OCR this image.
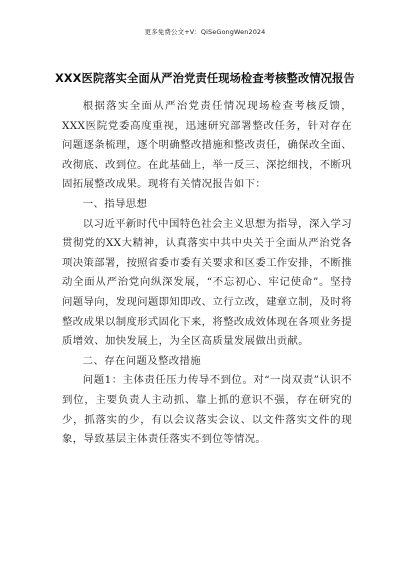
更多免费公文+V：QiSeGongWen2024
XXX医院落实全面从严治党责任现场检查考核整改情况报告

根据落实全面从严治党责任情况现场检查考核反馈，XXX医院党委高度重视，迅速研究部署整改任务，针对存在问题逐条梳理，逐个明确整改措施和整改责任，确保改全面、改彻底、改到位。在此基础上，举一反三、深挖细找，不断巩固拓展整改成果。现将有关情况报告如下：

一、指导思想

以习近平新时代中国特色社会主义思想为指导，深入学习贯彻党的XX大精神，认真落实中共中央关于全面从严治党各项决策部署，按照省委市委有关要求和区委工作安排，不断推动全面从严治党向纵深发展，“不忘初心、牢记使命”。坚持问题导向，发现问题即知即改、立行立改，建章立制，及时将整改成果以制度形式固化下来，将整改成效体现在各项业务提质增效、加快发展上，为全区高质量发展做出贡献。

二、存在问题及整改措施

问题1：主体责任压力传导不到位。对“一岗双责”认识不到位，主要负责人主动抓、靠上抓的意识不强，存在研究的少，抓落实的少，有以会议落实会议、以文件落实文件的现象，导致基层主体责任落实不到位等情况。
